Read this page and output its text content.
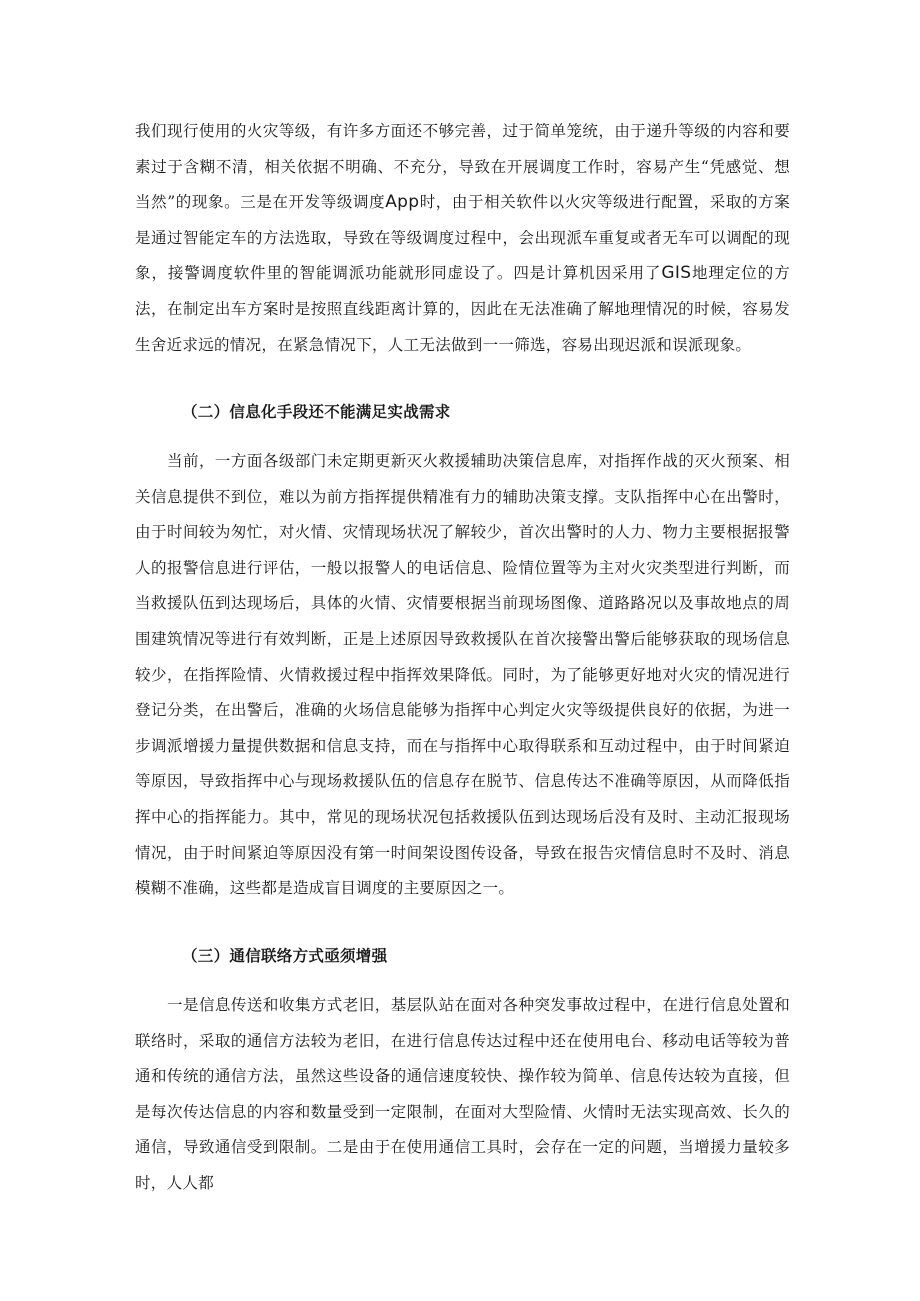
我们现行使用的火灾等级，有许多方面还不够完善，过于简单笼统，由于递升等级的内容和要素过于含糊不清，相关依据不明确、不充分，导致在开展调度工作时，容易产生“凭感觉、想当然”的现象。三是在开发等级调度App时，由于相关软件以火灾等级进行配置，采取的方案是通过智能定车的方法选取，导致在等级调度过程中，会出现派车重复或者无车可以调配的现象，接警调度软件里的智能调派功能就形同虚设了。四是计算机因采用了GIS地理定位的方法，在制定出车方案时是按照直线距离计算的，因此在无法准确了解地理情况的时候，容易发生舍近求远的情况，在紧急情况下，人工无法做到一一筛选，容易出现迟派和误派现象。

（二）信息化手段还不能满足实战需求

当前，一方面各级部门未定期更新灭火救援辅助决策信息库，对指挥作战的灭火预案、相关信息提供不到位，难以为前方指挥提供精准有力的辅助决策支撑。支队指挥中心在出警时，由于时间较为匆忙，对火情、灾情现场状况了解较少，首次出警时的人力、物力主要根据报警人的报警信息进行评估，一般以报警人的电话信息、险情位置等为主对火灾类型进行判断，而当救援队伍到达现场后，具体的火情、灾情要根据当前现场图像、道路路况以及事故地点的周围建筑情况等进行有效判断，正是上述原因导致救援队在首次接警出警后能够获取的现场信息较少，在指挥险情、火情救援过程中指挥效果降低。同时，为了能够更好地对火灾的情况进行登记分类，在出警后，准确的火场信息能够为指挥中心判定火灾等级提供良好的依据，为进一步调派增援力量提供数据和信息支持，而在与指挥中心取得联系和互动过程中，由于时间紧迫等原因，导致指挥中心与现场救援队伍的信息存在脱节、信息传达不准确等原因，从而降低指挥中心的指挥能力。其中，常见的现场状况包括救援队伍到达现场后没有及时、主动汇报现场情况，由于时间紧迫等原因没有第一时间架设图传设备，导致在报告灾情信息时不及时、消息模糊不准确，这些都是造成盲目调度的主要原因之一。

（三）通信联络方式亟须增强

一是信息传送和收集方式老旧，基层队站在面对各种突发事故过程中，在进行信息处置和联络时，采取的通信方法较为老旧，在进行信息传达过程中还在使用电台、移动电话等较为普通和传统的通信方法，虽然这些设备的通信速度较快、操作较为简单、信息传达较为直接，但是每次传达信息的内容和数量受到一定限制，在面对大型险情、火情时无法实现高效、长久的通信，导致通信受到限制。二是由于在使用通信工具时，会存在一定的问题，当增援力量较多时，人人都
